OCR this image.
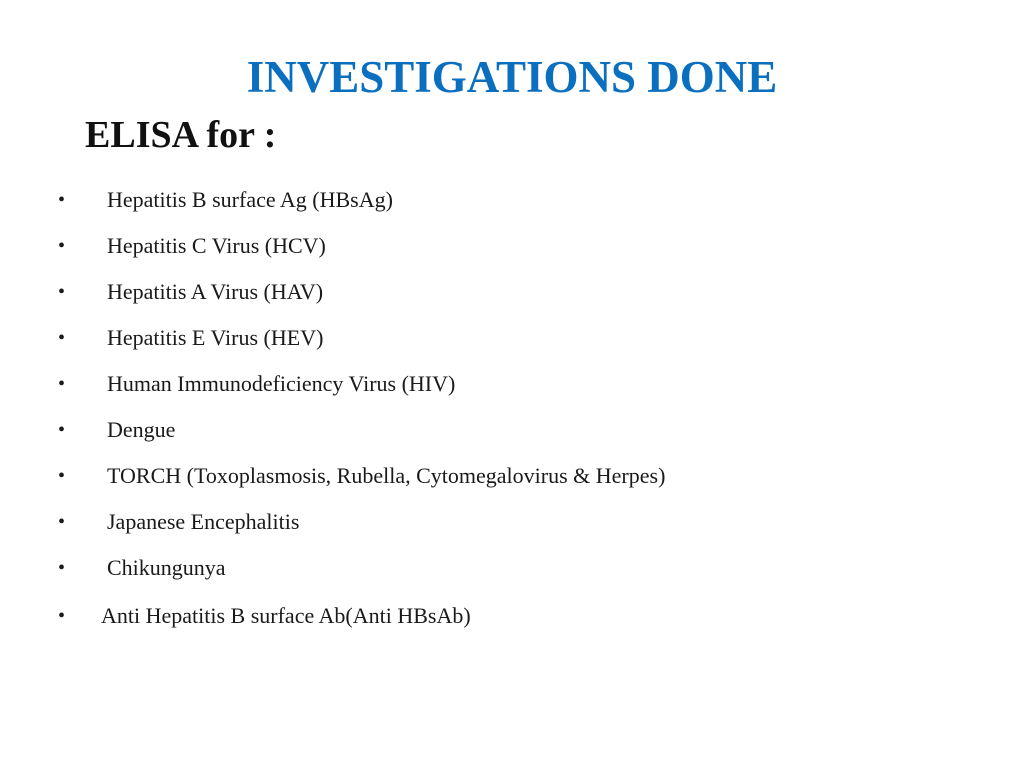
INVESTIGATIONS DONE
ELISA for :
• Hepatitis B surface Ag (HBsAg)
• Hepatitis C Virus (HCV)
• Hepatitis A Virus (HAV)
• Hepatitis E Virus (HEV)
• Human Immunodeficiency Virus (HIV)
• Dengue
• TORCH (Toxoplasmosis, Rubella, Cytomegalovirus & Herpes)
• Japanese Encephalitis
• Chikungunya
• Anti Hepatitis B surface Ab(Anti HBsAb)
